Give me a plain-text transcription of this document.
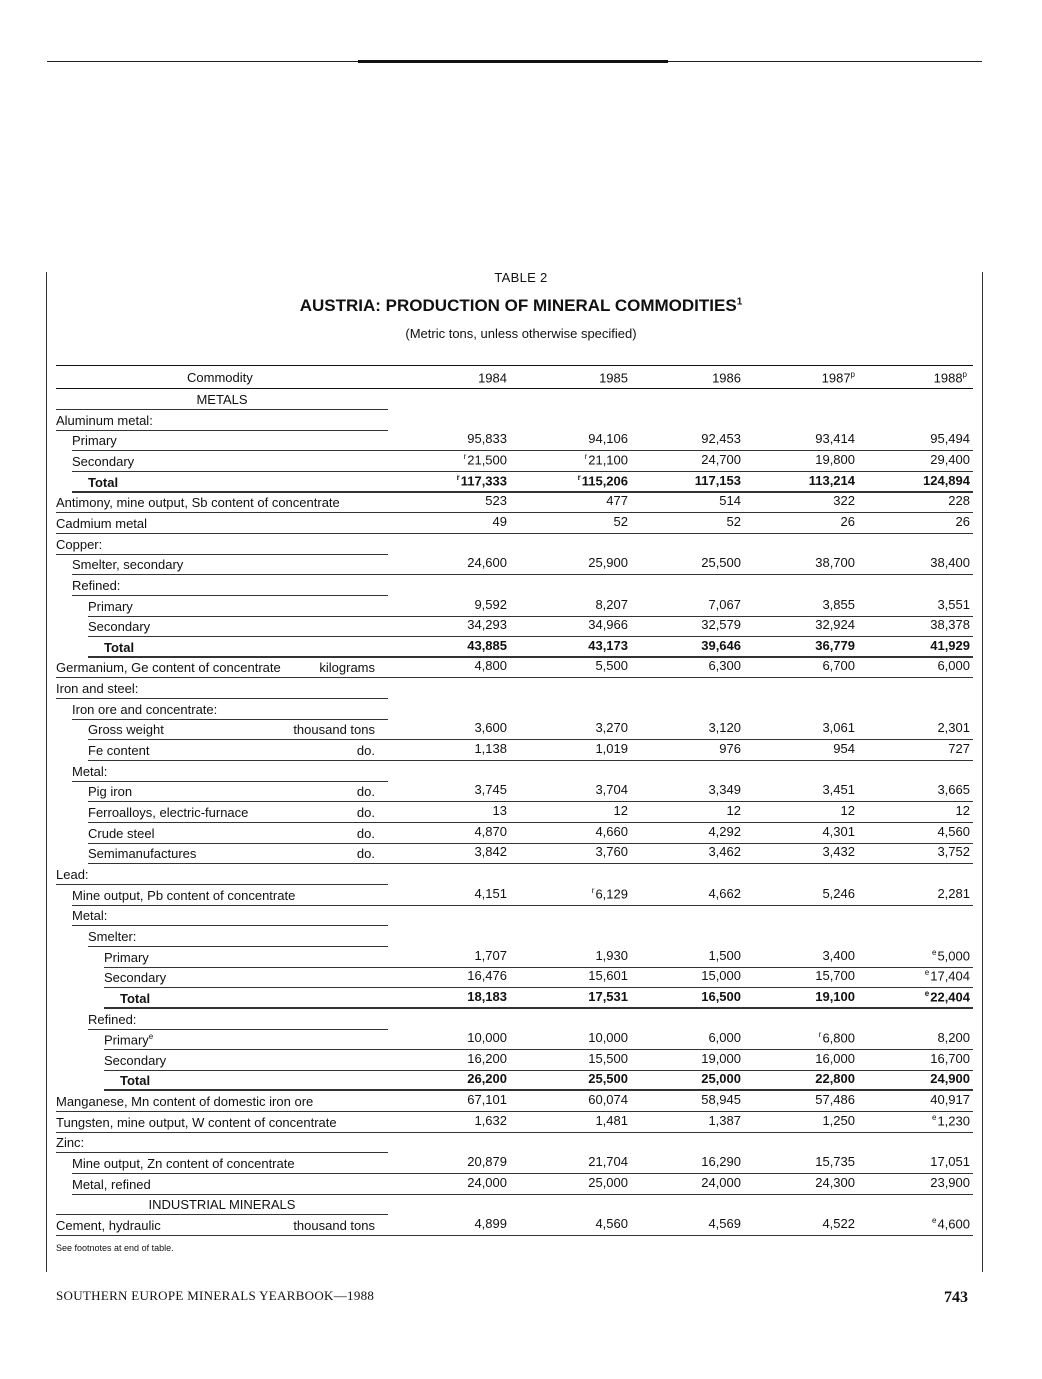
TABLE 2
AUSTRIA: PRODUCTION OF MINERAL COMMODITIES$^1$
(Metric tons, unless otherwise specified)
Commodity	1984	1985	1986	1987$^p$	1988$^p$
METALS
Aluminum metal:
Primary	95,833	94,106	92,453	93,414	95,494
Secondary	$^r$21,500	$^r$21,100	24,700	19,800	29,400
Total	$^r$117,333	$^r$115,206	117,153	113,214	124,894
Antimony, mine output, Sb content of concentrate	523	477	514	322	228
Cadmium metal	49	52	52	26	26
Copper:
Smelter, secondary	24,600	25,900	25,500	38,700	38,400
Refined:
Primary	9,592	8,207	7,067	3,855	3,551
Secondary	34,293	34,966	32,579	32,924	38,378
Total	43,885	43,173	39,646	36,779	41,929
Germanium, Ge content of concentrate	kilograms	4,800	5,500	6,300	6,700	6,000
Iron and steel:
Iron ore and concentrate:
Gross weight	thousand tons	3,600	3,270	3,120	3,061	2,301
Fe content	do.	1,138	1,019	976	954	727
Metal:
Pig iron	do.	3,745	3,704	3,349	3,451	3,665
Ferroalloys, electric-furnace	do.	13	12	12	12	12
Crude steel	do.	4,870	4,660	4,292	4,301	4,560
Semimanufactures	do.	3,842	3,760	3,462	3,432	3,752
Lead:
Mine output, Pb content of concentrate	4,151	$^r$6,129	4,662	5,246	2,281
Metal:
Smelter:
Primary	1,707	1,930	1,500	3,400	$^e$5,000
Secondary	16,476	15,601	15,000	15,700	$^e$17,404
Total	18,183	17,531	16,500	19,100	$^e$22,404
Refined:
Primary$^e$	10,000	10,000	6,000	$^r$6,800	8,200
Secondary	16,200	15,500	19,000	16,000	16,700
Total	26,200	25,500	25,000	22,800	24,900
Manganese, Mn content of domestic iron ore	67,101	60,074	58,945	57,486	40,917
Tungsten, mine output, W content of concentrate	1,632	1,481	1,387	1,250	$^e$1,230
Zinc:
Mine output, Zn content of concentrate	20,879	21,704	16,290	15,735	17,051
Metal, refined	24,000	25,000	24,000	24,300	23,900
INDUSTRIAL MINERALS
Cement, hydraulic	thousand tons	4,899	4,560	4,569	4,522	$^e$4,600
See footnotes at end of table.
SOUTHERN EUROPE MINERALS YEARBOOK—1988	743
